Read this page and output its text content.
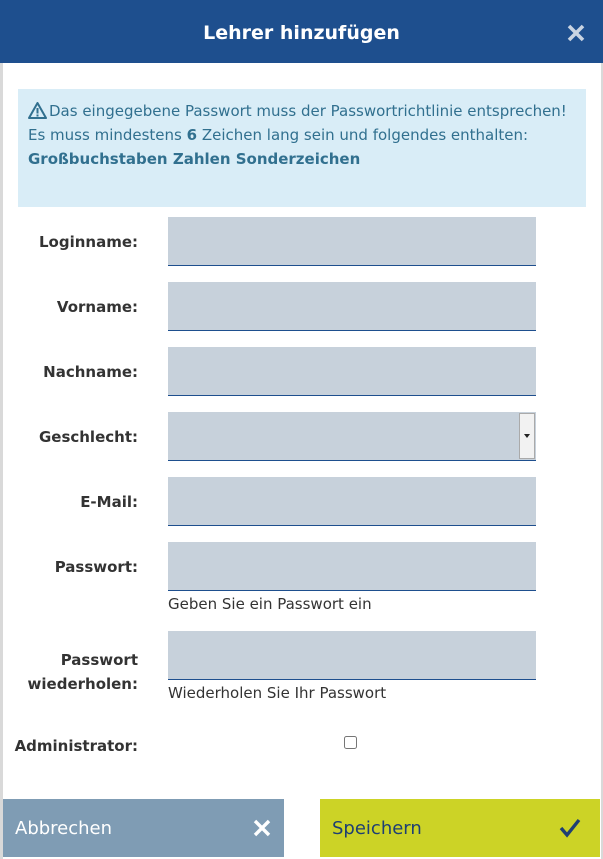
Lehrer hinzufügen
Das eingegebene Passwort muss der Passwortrichtlinie entsprechen!
Es muss mindestens 6 Zeichen lang sein und folgendes enthalten:
Großbuchstaben Zahlen Sonderzeichen
Loginname:
Vorname:
Nachname:
Geschlecht:
E-Mail:
Passwort:
Geben Sie ein Passwort ein
Passwort
wiederholen: Wiederholen Sie Ihr Passwort
Administrator:
Abbrechen	Speichern
